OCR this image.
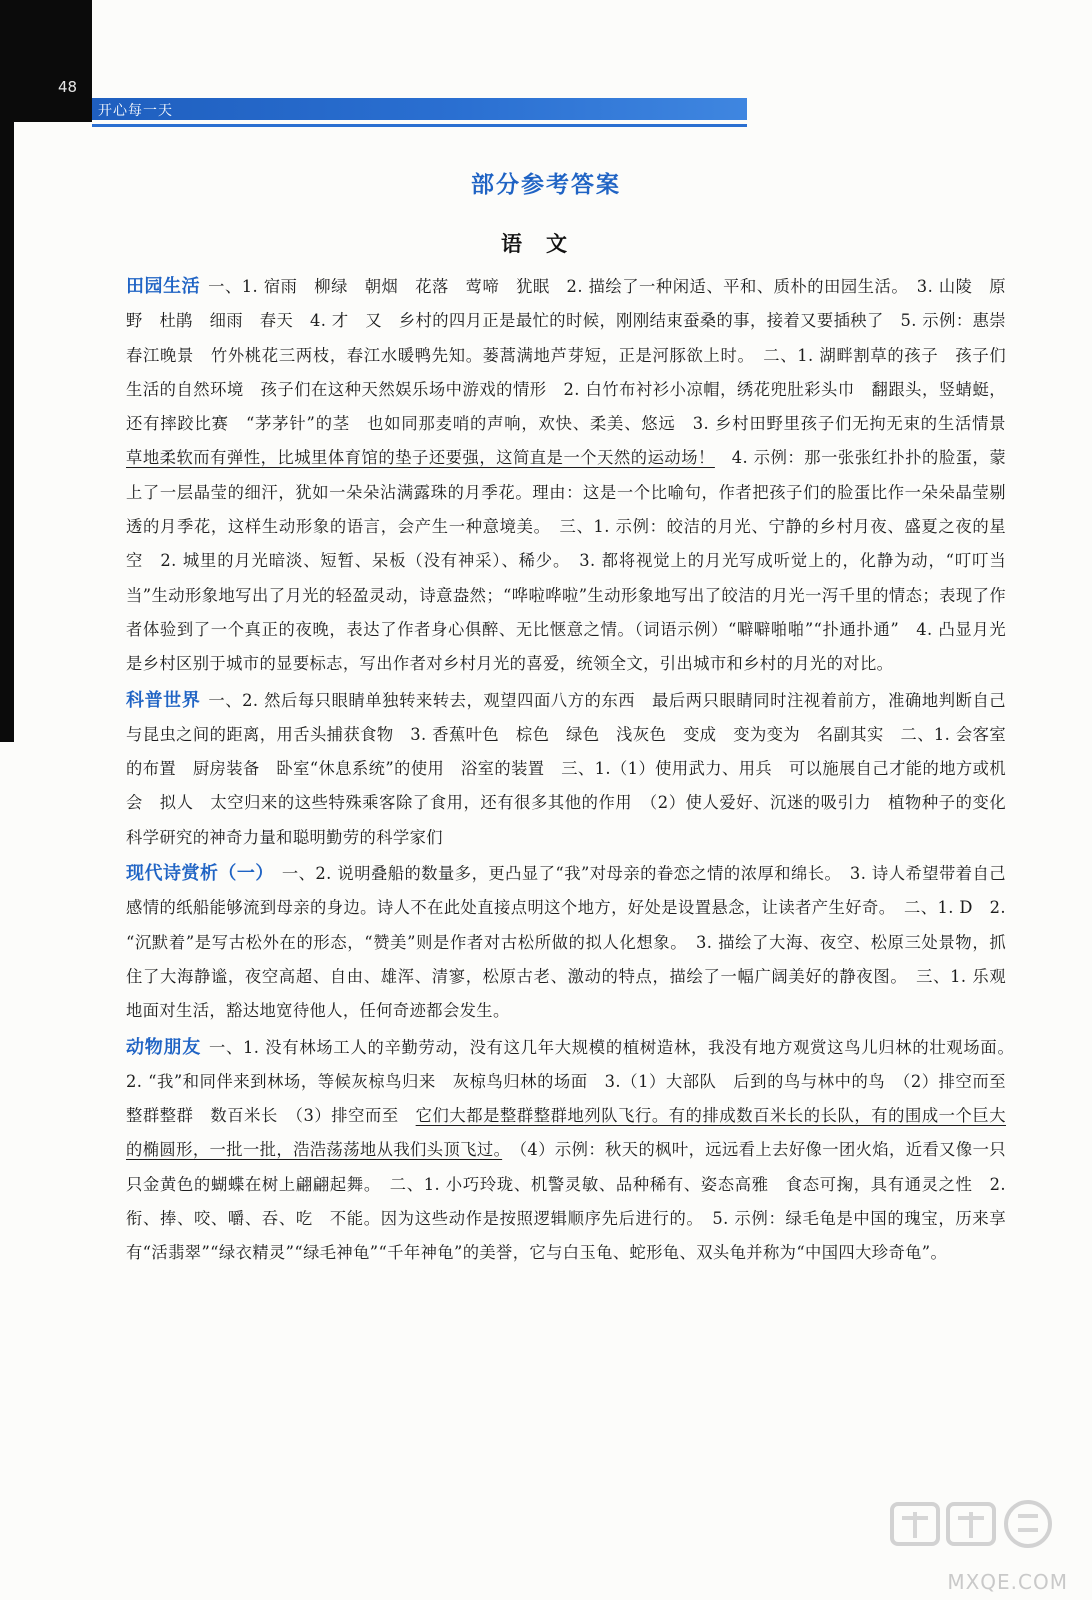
48
开心每一天
部分参考答案
语文

田园生活 一、1. 宿雨　柳绿　朝烟　花落　莺啼　犹眠　2. 描绘了一种闲适、平和、质朴的田园生活。　3. 山陵　原野　杜鹃　细雨　春天　4. 才　又　乡村的四月正是最忙的时候，刚刚结束蚕桑的事，接着又要插秧了　5. 示例：惠崇春江晚景　竹外桃花三两枝，春江水暖鸭先知。蒌蒿满地芦芽短，正是河豚欲上时。　二、1. 湖畔割草的孩子　孩子们生活的自然环境　孩子们在这种天然娱乐场中游戏的情形　2. 白竹布衬衫小凉帽，绣花兜肚彩头巾　翻跟头，竖蜻蜓，还有摔跤比赛　“茅茅针”的茎　也如同那麦哨的声响，欢快、柔美、悠远　3. 乡村田野里孩子们无拘无束的生活情景　草地柔软而有弹性，比城里体育馆的垫子还要强，这简直是一个天然的运动场！　4. 示例：那一张张红扑扑的脸蛋，蒙上了一层晶莹的细汗，犹如一朵朵沾满露珠的月季花。理由：这是一个比喻句，作者把孩子们的脸蛋比作一朵朵晶莹剔透的月季花，这样生动形象的语言，会产生一种意境美。　三、1. 示例：皎洁的月光、宁静的乡村月夜、盛夏之夜的星空　2. 城里的月光暗淡、短暂、呆板（没有神采）、稀少。　3. 都将视觉上的月光写成听觉上的，化静为动，“叮叮当当”生动形象地写出了月光的轻盈灵动，诗意盎然；“哗啦哗啦”生动形象地写出了皎洁的月光一泻千里的情态；表现了作者体验到了一个真正的夜晚，表达了作者身心俱醉、无比惬意之情。（词语示例）“噼噼啪啪”“扑通扑通”　4. 凸显月光是乡村区别于城市的显要标志，写出作者对乡村月光的喜爱，统领全文，引出城市和乡村的月光的对比。

科普世界 一、2. 然后每只眼睛单独转来转去，观望四面八方的东西　最后两只眼睛同时注视着前方，准确地判断自己与昆虫之间的距离，用舌头捕获食物　3. 香蕉叶色　棕色　绿色　浅灰色　变成　变为变为　名副其实　二、1. 会客室的布置　厨房装备　卧室“休息系统”的使用　浴室的装置　三、1.（1）使用武力、用兵　可以施展自己才能的地方或机会　拟人　太空归来的这些特殊乘客除了食用，还有很多其他的作用　（2）使人爱好、沉迷的吸引力　植物种子的变化　科学研究的神奇力量和聪明勤劳的科学家们

现代诗赏析（一） 一、2. 说明叠船的数量多，更凸显了“我”对母亲的眷恋之情的浓厚和绵长。　3. 诗人希望带着自己感情的纸船能够流到母亲的身边。诗人不在此处直接点明这个地方，好处是设置悬念，让读者产生好奇。　二、1. D　2. “沉默着”是写古松外在的形态，“赞美”则是作者对古松所做的拟人化想象。　3. 描绘了大海、夜空、松原三处景物，抓住了大海静谧，夜空高超、自由、雄浑、清寥，松原古老、激动的特点，描绘了一幅广阔美好的静夜图。　三、1. 乐观地面对生活，豁达地宽待他人，任何奇迹都会发生。

动物朋友 一、1. 没有林场工人的辛勤劳动，没有这几年大规模的植树造林，我没有地方观赏这鸟儿归林的壮观场面。　2. “我”和同伴来到林场，等候灰椋鸟归来　灰椋鸟归林的场面　3.（1）大部队　后到的鸟与林中的鸟　（2）排空而至　整群整群　数百米长　（3）排空而至　它们大都是整群整群地列队飞行。有的排成数百米长的长队，有的围成一个巨大的椭圆形，一批一批，浩浩荡荡地从我们头顶飞过。　（4）示例：秋天的枫叶，远远看上去好像一团火焰，近看又像一只只金黄色的蝴蝶在树上翩翩起舞。　二、1. 小巧玲珑、机警灵敏、品种稀有、姿态高雅　食态可掬，具有通灵之性　2. 衔、捧、咬、嚼、吞、吃　不能。因为这些动作是按照逻辑顺序先后进行的。　5. 示例：绿毛龟是中国的瑰宝，历来享有“活翡翠”“绿衣精灵”“绿毛神龟”“千年神龟”的美誉，它与白玉龟、蛇形龟、双头龟并称为“中国四大珍奇龟”。

MXQE.COM
